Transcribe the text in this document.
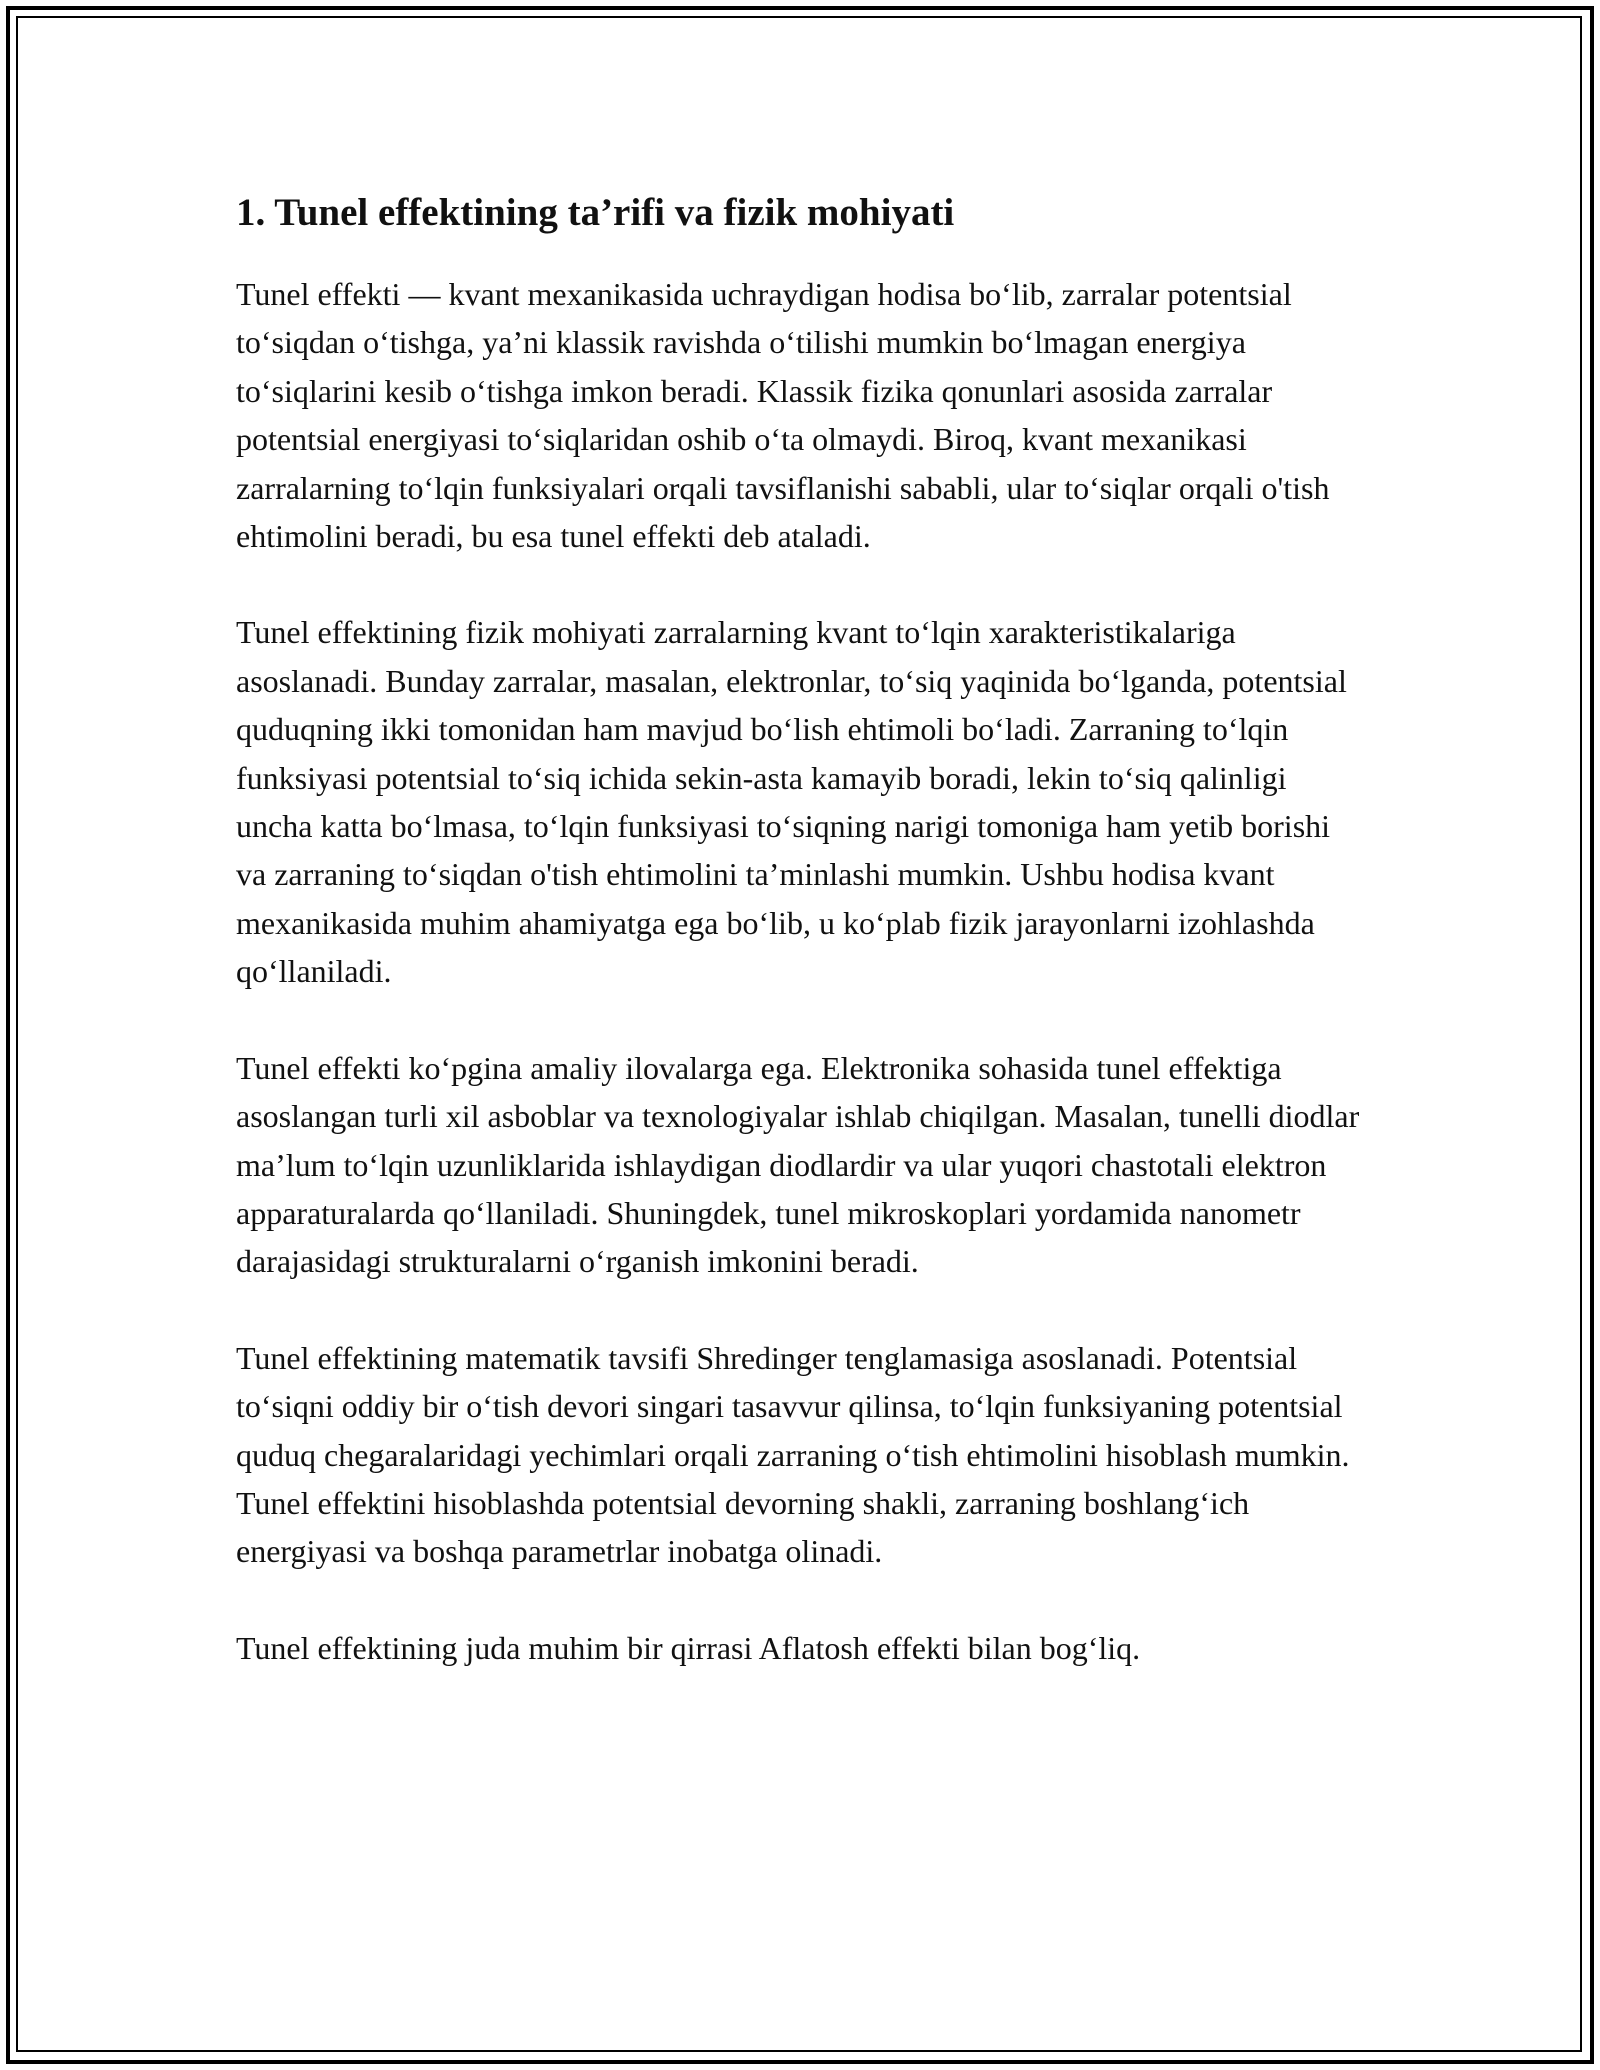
1. Tunel effektining ta’rifi va fizik mohiyati

Tunel effekti — kvant mexanikasida uchraydigan hodisa bo‘lib, zarralar potentsial to‘siqdan o‘tishga, ya’ni klassik ravishda o‘tilishi mumkin bo‘lmagan energiya to‘siqlarini kesib o‘tishga imkon beradi. Klassik fizika qonunlari asosida zarralar potentsial energiyasi to‘siqlaridan oshib o‘ta olmaydi. Biroq, kvant mexanikasi zarralarning to‘lqin funksiyalari orqali tavsiflanishi sababli, ular to‘siqlar orqali o'tish ehtimolini beradi, bu esa tunel effekti deb ataladi.

Tunel effektining fizik mohiyati zarralarning kvant to‘lqin xarakteristikalariga asoslanadi. Bunday zarralar, masalan, elektronlar, to‘siq yaqinida bo‘lganda, potentsial quduqning ikki tomonidan ham mavjud bo‘lish ehtimoli bo‘ladi. Zarraning to‘lqin funksiyasi potentsial to‘siq ichida sekin-asta kamayib boradi, lekin to‘siq qalinligi uncha katta bo‘lmasa, to‘lqin funksiyasi to‘siqning narigi tomoniga ham yetib borishi va zarraning to‘siqdan o'tish ehtimolini ta’minlashi mumkin. Ushbu hodisa kvant mexanikasida muhim ahamiyatga ega bo‘lib, u ko‘plab fizik jarayonlarni izohlashda qo‘llaniladi.

Tunel effekti ko‘pgina amaliy ilovalarga ega. Elektronika sohasida tunel effektiga asoslangan turli xil asboblar va texnologiyalar ishlab chiqilgan. Masalan, tunelli diodlar ma’lum to‘lqin uzunliklarida ishlaydigan diodlardir va ular yuqori chastotali elektron apparaturalarda qo‘llaniladi. Shuningdek, tunel mikroskoplari yordamida nanometr darajasidagi strukturalarni o‘rganish imkonini beradi.

Tunel effektining matematik tavsifi Shredinger tenglamasiga asoslanadi. Potentsial to‘siqni oddiy bir o‘tish devori singari tasavvur qilinsa, to‘lqin funksiyaning potentsial quduq chegaralaridagi yechimlari orqali zarraning o‘tish ehtimolini hisoblash mumkin. Tunel effektini hisoblashda potentsial devorning shakli, zarraning boshlang‘ich energiyasi va boshqa parametrlar inobatga olinadi.

Tunel effektining juda muhim bir qirrasi Aflatosh effekti bilan bog‘liq.
